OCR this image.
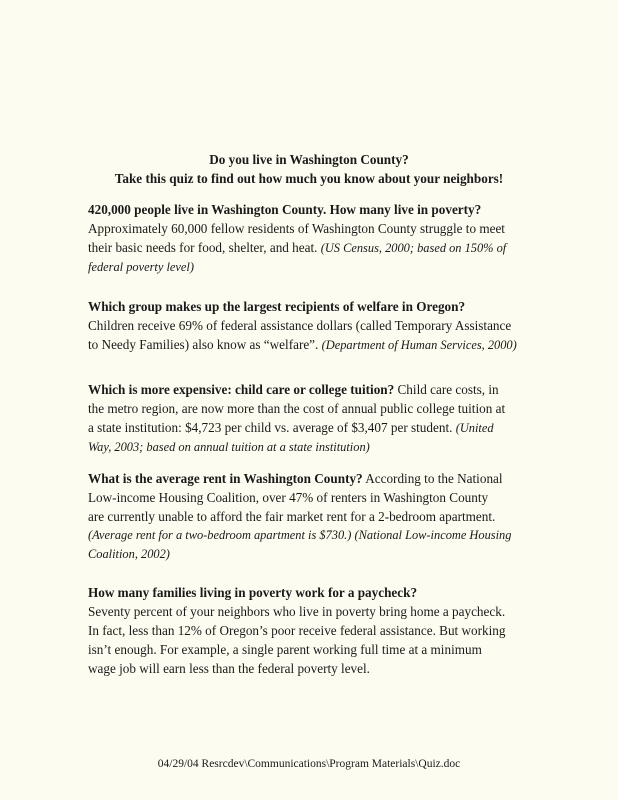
Do you live in Washington County?
Take this quiz to find out how much you know about your neighbors!
420,000 people live in Washington County. How many live in poverty?
Approximately 60,000 fellow residents of Washington County struggle to meet
their basic needs for food, shelter, and heat. (US Census, 2000; based on 150% of
federal poverty level)
Which group makes up the largest recipients of welfare in Oregon?
Children receive 69% of federal assistance dollars (called Temporary Assistance
to Needy Families) also know as “welfare”. (Department of Human Services, 2000)
Which is more expensive: child care or college tuition? Child care costs, in
the metro region, are now more than the cost of annual public college tuition at
a state institution: $4,723 per child vs. average of $3,407 per student. (United
Way, 2003; based on annual tuition at a state institution)
What is the average rent in Washington County? According to the National
Low-income Housing Coalition, over 47% of renters in Washington County
are currently unable to afford the fair market rent for a 2-bedroom apartment.
(Average rent for a two-bedroom apartment is $730.) (National Low-income Housing
Coalition, 2002)
How many families living in poverty work for a paycheck?
Seventy percent of your neighbors who live in poverty bring home a paycheck.
In fact, less than 12% of Oregon’s poor receive federal assistance. But working
isn’t enough. For example, a single parent working full time at a minimum
wage job will earn less than the federal poverty level.
04/29/04 Resrcdev\Communications\Program Materials\Quiz.doc
